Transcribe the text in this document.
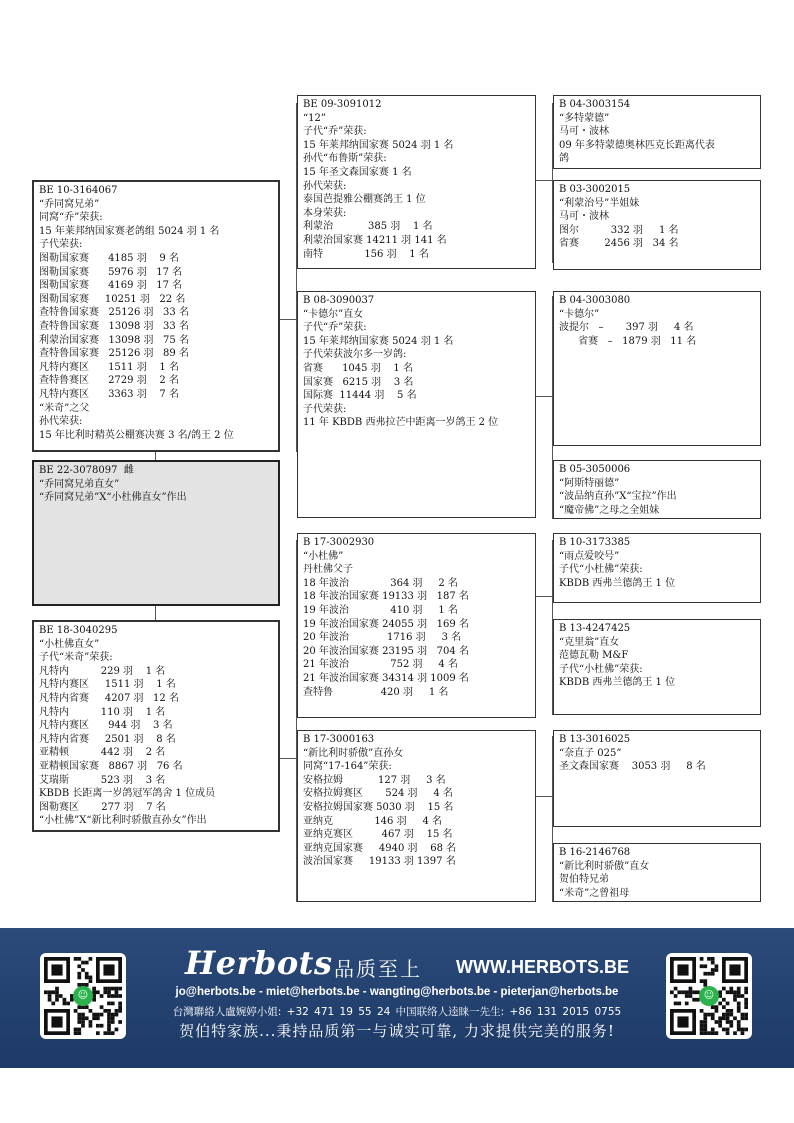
BE 10-3164067
“乔同窝兄弟”
同窝“乔”荣获:
15 年莱邦纳国家赛老鸽组 5024 羽 1 名
子代荣获:
图勒国家赛      4185 羽    9 名
图勒国家赛      5976 羽   17 名
图勒国家赛      4169 羽   17 名
图勒国家赛     10251 羽   22 名
查特鲁国家赛   25126 羽   33 名
查特鲁国家赛   13098 羽   33 名
利蒙治国家赛   13098 羽   75 名
查特鲁国家赛   25126 羽   89 名
凡特内赛区      1511 羽    1 名
查特鲁赛区      2729 羽    2 名
凡特内赛区      3363 羽    7 名
“米奇”之父
孙代荣获:
15 年比利时精英公棚赛决赛 3 名/鸽王 2 位
BE 22-3078097  雌
“乔同窝兄弟直女”
“乔同窝兄弟”X“小杜佛直女”作出
BE 18-3040295
“小杜佛直女”
子代“米奇”荣获:
凡特内          229 羽    1 名
凡特内赛区     1511 羽    1 名
凡特内省赛     4207 羽   12 名
凡特内          110 羽    1 名
凡特内赛区      944 羽    3 名
凡特内省赛     2501 羽    8 名
亚精顿          442 羽    2 名
亚精顿国家赛   8867 羽   76 名
艾瑞斯          523 羽    3 名
KBDB 长距离一岁鸽冠军鸽舍 1 位成员
图勒赛区       277 羽    7 名
“小杜佛”X“新比利时骄傲直孙女”作出
BE 09-3091012
“12”
子代“乔”荣获:
15 年莱邦纳国家赛 5024 羽 1 名
孙代“布鲁斯”荣获:
15 年圣文森国家赛 1 名
孙代荣获:
泰国芭提雅公棚赛鸽王 1 位
本身荣获:
利蒙治           385 羽    1 名
利蒙治国家赛 14211 羽 141 名
南特             156 羽    1 名
B 08-3090037
“卡德尔”直女
子代“乔”荣获:
15 年莱邦纳国家赛 5024 羽 1 名
子代荣获波尔多一岁鸽:
省赛      1045 羽    1 名
国家赛   6215 羽    3 名
国际赛  11444 羽    5 名
子代荣获:
11 年 KBDB 西弗拉芒中距离一岁鸽王 2 位
B 17-3002930
“小杜佛”
丹杜佛父子
18 年波治             364 羽     2 名
18 年波治国家赛 19133 羽   187 名
19 年波治             410 羽     1 名
19 年波治国家赛 24055 羽   169 名
20 年波治            1716 羽     3 名
20 年波治国家赛 23195 羽   704 名
21 年波治             752 羽     4 名
21 年波治国家赛 34314 羽 1009 名
查特鲁               420 羽     1 名
B 17-3000163
“新比利时骄傲”直孙女
同窝“17-164”荣获:
安格拉姆           127 羽     3 名
安格拉姆赛区       524 羽     4 名
安格拉姆国家赛 5030 羽    15 名
亚纳克             146 羽     4 名
亚纳克赛区         467 羽    15 名
亚纳克国家赛     4940 羽    68 名
波治国家赛     19133 羽 1397 名
B 04-3003154
“多特蒙德”
马可・波林
09 年多特蒙德奥林匹克长距离代表
鸽
B 03-3002015
“利蒙治号”半姐妹
马可・波林
图尔          332 羽     1 名
省赛        2456 羽   34 名
B 04-3003080
“卡德尔”
波提尔   –       397 羽     4 名
省赛   –   1879 羽   11 名
B 05-3050006
“阿斯特丽德”
“波品纳直孙”X“宝拉”作出
“魔帝佛”之母之全姐妹
B 10-3173385
“雨点爱咬号”
子代“小杜佛”荣获:
KBDB 西弗兰德鸽王 1 位
B 13-4247425
“克里翁”直女
范德瓦勒 M&F
子代“小杜佛”荣获:
KBDB 西弗兰德鸽王 1 位
B 13-3016025
“奈直子 025”
圣文森国家赛    3053 羽     8 名
B 16-2146768
“新比利时骄傲”直女
贺伯特兄弟
“米奇”之曾祖母
☺	☺
Herbots 品质至上 WWW.HERBOTS.BE
jo@herbots.be - miet@herbots.be - wangting@herbots.be - pieterjan@herbots.be
台灣聯絡人盧婉婷小姐: +32 471 19 55 24 中国联络人逵睐一先生: +86 131 2015 0755
贺伯特家族...秉持品质第一与诚实可靠, 力求提供完美的服务!
